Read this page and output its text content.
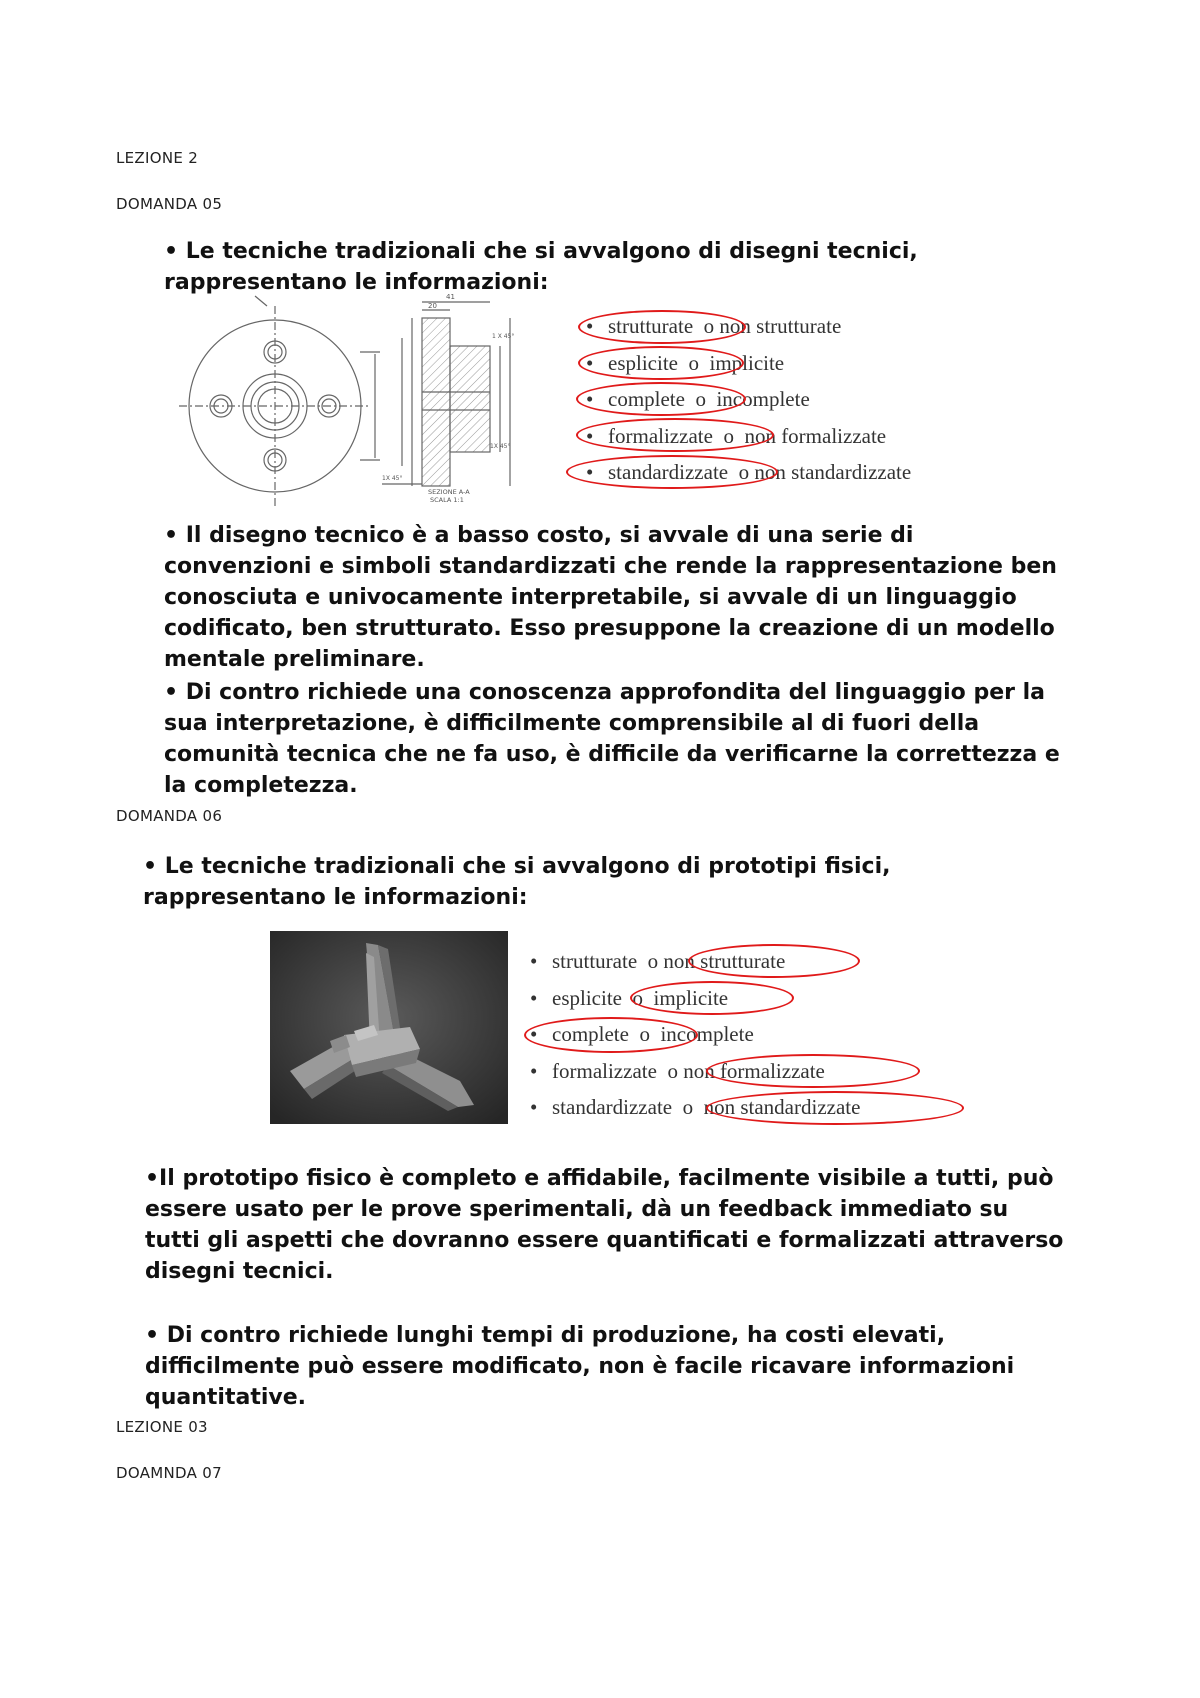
LEZIONE 2
DOMANDA 05

• Le tecniche tradizionali che si avvalgono di disegni tecnici, rappresentano le informazioni:

41
20
1 X 45°
1X 45°
1X 45°
SEZIONE A-A
SCALA 1:1
• strutturate o non strutturate
• esplicite o implicite
• complete o incomplete
• formalizzate o non formalizzate
• standardizzate o non standardizzate

• Il disegno tecnico è a basso costo, si avvale di una serie di convenzioni e simboli standardizzati che rende la rappresentazione ben conosciuta e univocamente interpretabile, si avvale di un linguaggio codificato, ben strutturato. Esso presuppone la creazione di un modello mentale preliminare.

• Di contro richiede una conoscenza approfondita del linguaggio per la sua interpretazione, è difficilmente comprensibile al di fuori della comunità tecnica che ne fa uso, è difficile da verificarne la correttezza e la completezza.

DOMANDA 06

• Le tecniche tradizionali che si avvalgono di prototipi fisici, rappresentano le informazioni:

• strutturate o non strutturate
• esplicite o implicite
• complete o incomplete
• formalizzate o non formalizzate
• standardizzate o non standardizzate

•Il prototipo fisico è completo e affidabile, facilmente visibile a tutti, può essere usato per le prove sperimentali, dà un feedback immediato su tutti gli aspetti che dovranno essere quantificati e formalizzati attraverso disegni tecnici.

• Di contro richiede lunghi tempi di produzione, ha costi elevati, difficilmente può essere modificato, non è facile ricavare informazioni quantitative.

LEZIONE 03
DOAMNDA 07
